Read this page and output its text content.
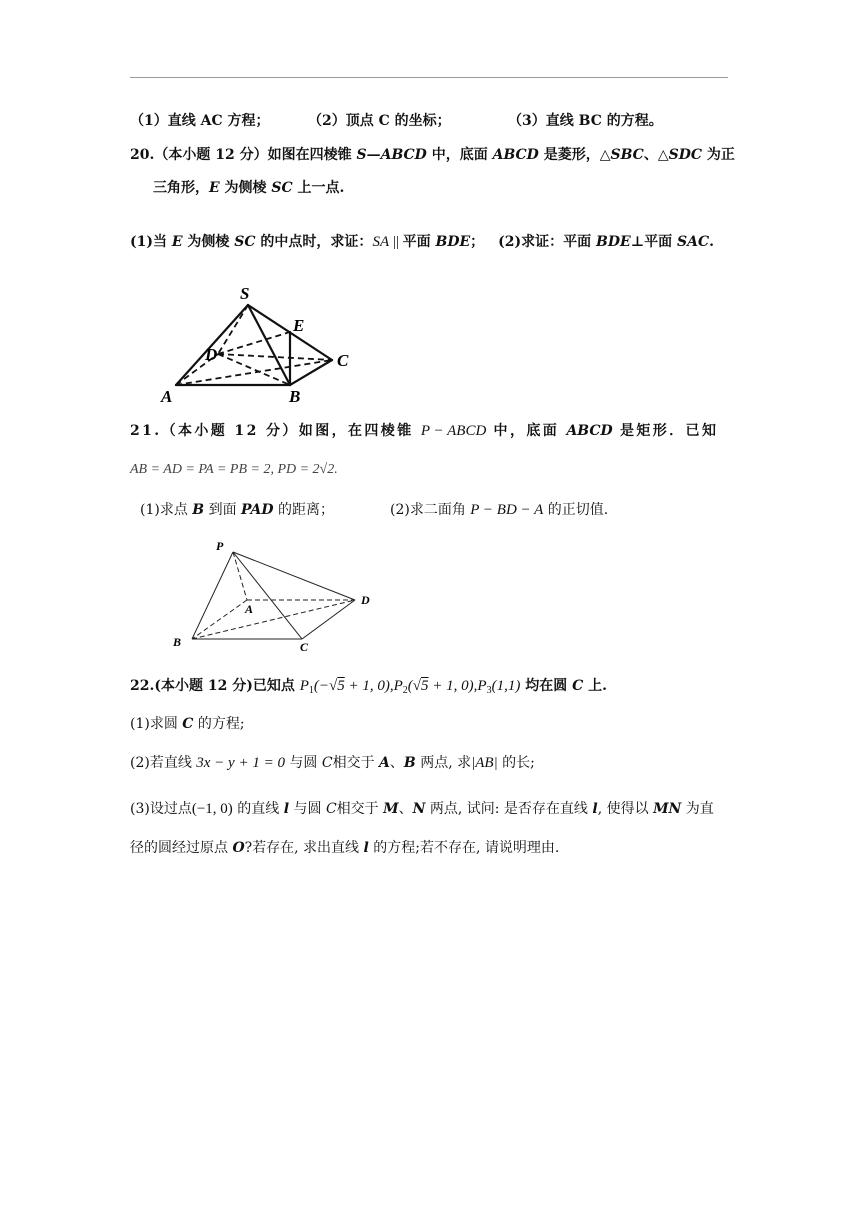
（1）直线 AC 方程；	（2）顶点 C 的坐标；	（3）直线 BC 的方程。
20.（本小题 12 分）如图在四棱锥 S—ABCD 中，底面 ABCD 是菱形，△SBC、△SDC 为正
三角形，E 为侧棱 SC 上一点.
(1)当 E 为侧棱 SC 的中点时，求证：SA || 平面 BDE； (2)求证：平面 BDE⊥平面 SAC.
S
E
D	C
A	B
21.（本小题 12 分）如图，在四棱锥 P − ABCD 中，底面 ABCD 是矩形．已知
AB = AD = PA = PB = 2, PD = 2√2.
(1)求点 B 到面 PAD 的距离；	(2)求二面角 P − BD − A 的正切值.
P
A
D
B	C
22.(本小题 12 分)已知点 $P_1(-√5 + 1$, $0),P_2(√5 + 1$, $0),P_3(1,1)$ 均在圆 C 上.
(1)求圆 C 的方程;
(2)若直线 3x − y + 1 = 0 与圆 C相交于 A、B 两点, 求|AB| 的长;
(3)设过点(−1, 0) 的直线 l 与圆 C相交于 M、N 两点, 试问: 是否存在直线 l, 使得以 MN 为直
径的圆经过原点 O?若存在, 求出直线 l 的方程;若不存在, 请说明理由.
